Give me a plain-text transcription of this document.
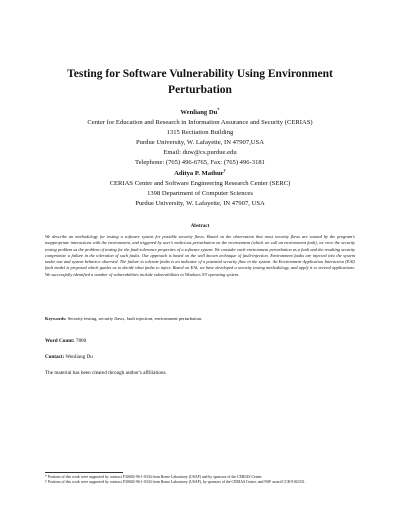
Testing for Software Vulnerability Using Environment
Perturbation
Wenliang Du*
Center for Education and Research in Information Assurance and Security (CERIAS)
1315 Recitation Building
Purdue University, W. Lafayette, IN 47907,USA
Email: duw@cs.purdue.edu
Telephone: (765) 496-6765, Fax: (765) 496-3181
Aditya P. Mathur†
CERIAS Center and Software Engineering Research Center (SERC)
1398 Department of Computer Sciences
Purdue University, W. Lafayette, IN 47907, USA
Abstract
We describe an methodology for testing a software system for possible security flaws. Based on the observation that most security flaws are caused by the program's inappropriate interactions with the environment, and triggered by user's malicious perturbation on the environment (which we call an environment fault), we view the security testing problem as the problem of testing for the fault-tolerance properties of a software system. We consider each environment perturbation as a fault and the resulting security compromise a failure in the toleration of such faults. Our approach is based on the well known technique of fault-injection. Environment faults are injected into the system under test and system behavior observed. The failure to tolerate faults is an indicator of a potential security flaw in the system. An Environment-Application Interaction (EAI) fault model is proposed which guides us to decide what faults to inject. Based on EAI, we have developed a security testing methodology, and apply it to several applications. We successfully identified a number of vulnerabilities include vulnerabilities in Windows NT operating system.
Keywords: Security testing, security flaws, fault injection, environment perturbation.
Word Count: 7800
Contact: Wenliang Du
The material has been cleared through author's affiliations.
* Portions of this work were supported by contract F30602-96-1-0334 from Rome Laboratory (USAF) and by sponsors of the CERIAS Center.
† Portions of this work were supported by contract F30602-96-1-0334 from Rome Laboratory (USAF), by sponsors of the CERIAS Center, and NSF award CCR-9102331.
